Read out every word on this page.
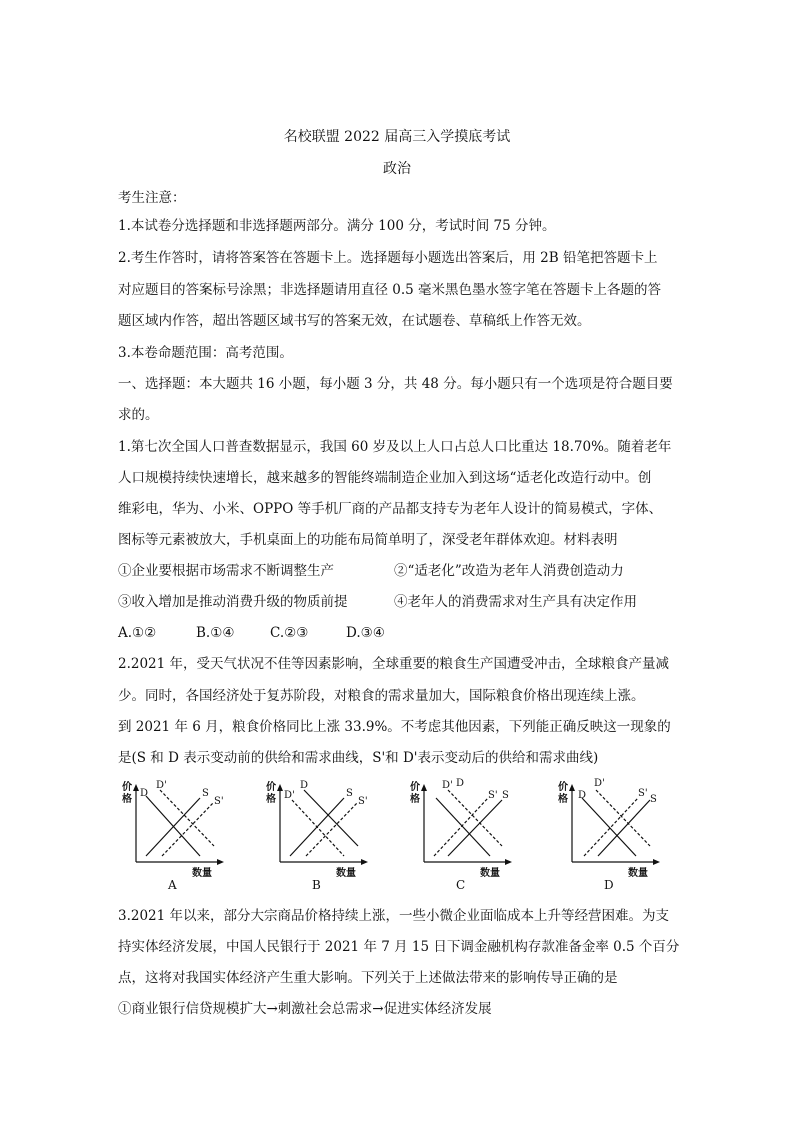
名校联盟 2022 届高三入学摸底考试
政治
考生注意：
1.本试卷分选择题和非选择题两部分。满分 100 分，考试时间 75 分钟。
2.考生作答时，请将答案答在答题卡上。选择题每小题选出答案后，用 2B 铅笔把答题卡上
对应题目的答案标号涂黑；非选择题请用直径 0.5 毫米黑色墨水签字笔在答题卡上各题的答
题区域内作答，超出答题区域书写的答案无效，在试题卷、草稿纸上作答无效。
3.本卷命题范围：高考范围。
一、选择题：本大题共 16 小题，每小题 3 分，共 48 分。每小题只有一个选项是符合题目要
求的。
1.第七次全国人口普查数据显示，我国 60 岁及以上人口占总人口比重达 18.70%。随着老年
人口规模持续快速增长，越来越多的智能终端制造企业加入到这场“适老化改造行动中。创
维彩电，华为、小米、OPPO 等手机厂商的产品都支持专为老年人设计的简易模式，字体、
图标等元素被放大，手机桌面上的功能布局简单明了，深受老年群体欢迎。材料表明
①企业要根据市场需求不断调整生产	②“适老化”改造为老年人消费创造动力
③收入增加是推动消费升级的物质前提	④老年人的消费需求对生产具有决定作用
A.①②	B.①④	C.②③	D.③④
2.2021 年，受天气状况不佳等因素影响，全球重要的粮食生产国遭受冲击，全球粮食产量减
少。同时，各国经济处于复苏阶段，对粮食的需求量加大，国际粮食价格出现连续上涨。
到 2021 年 6 月，粮食价格同比上涨 33.9%。不考虑其他因素，下列能正确反映这一现象的
是(S 和 D 表示变动前的供给和需求曲线，S'和 D'表示变动后的供给和需求曲线)
价
格
D'
D	S
S'
数量
A
价
格
D
D'	S
S'
数量
B
价
格
D' D
S' S
数量
C
价
格
D'
D	S'
S
数量
D
3.2021 年以来，部分大宗商品价格持续上涨，一些小微企业面临成本上升等经营困难。为支
持实体经济发展，中国人民银行于 2021 年 7 月 15 日下调金融机构存款准备金率 0.5 个百分
点，这将对我国实体经济产生重大影响。下列关于上述做法带来的影响传导正确的是
①商业银行信贷规模扩大→刺激社会总需求→促进实体经济发展
